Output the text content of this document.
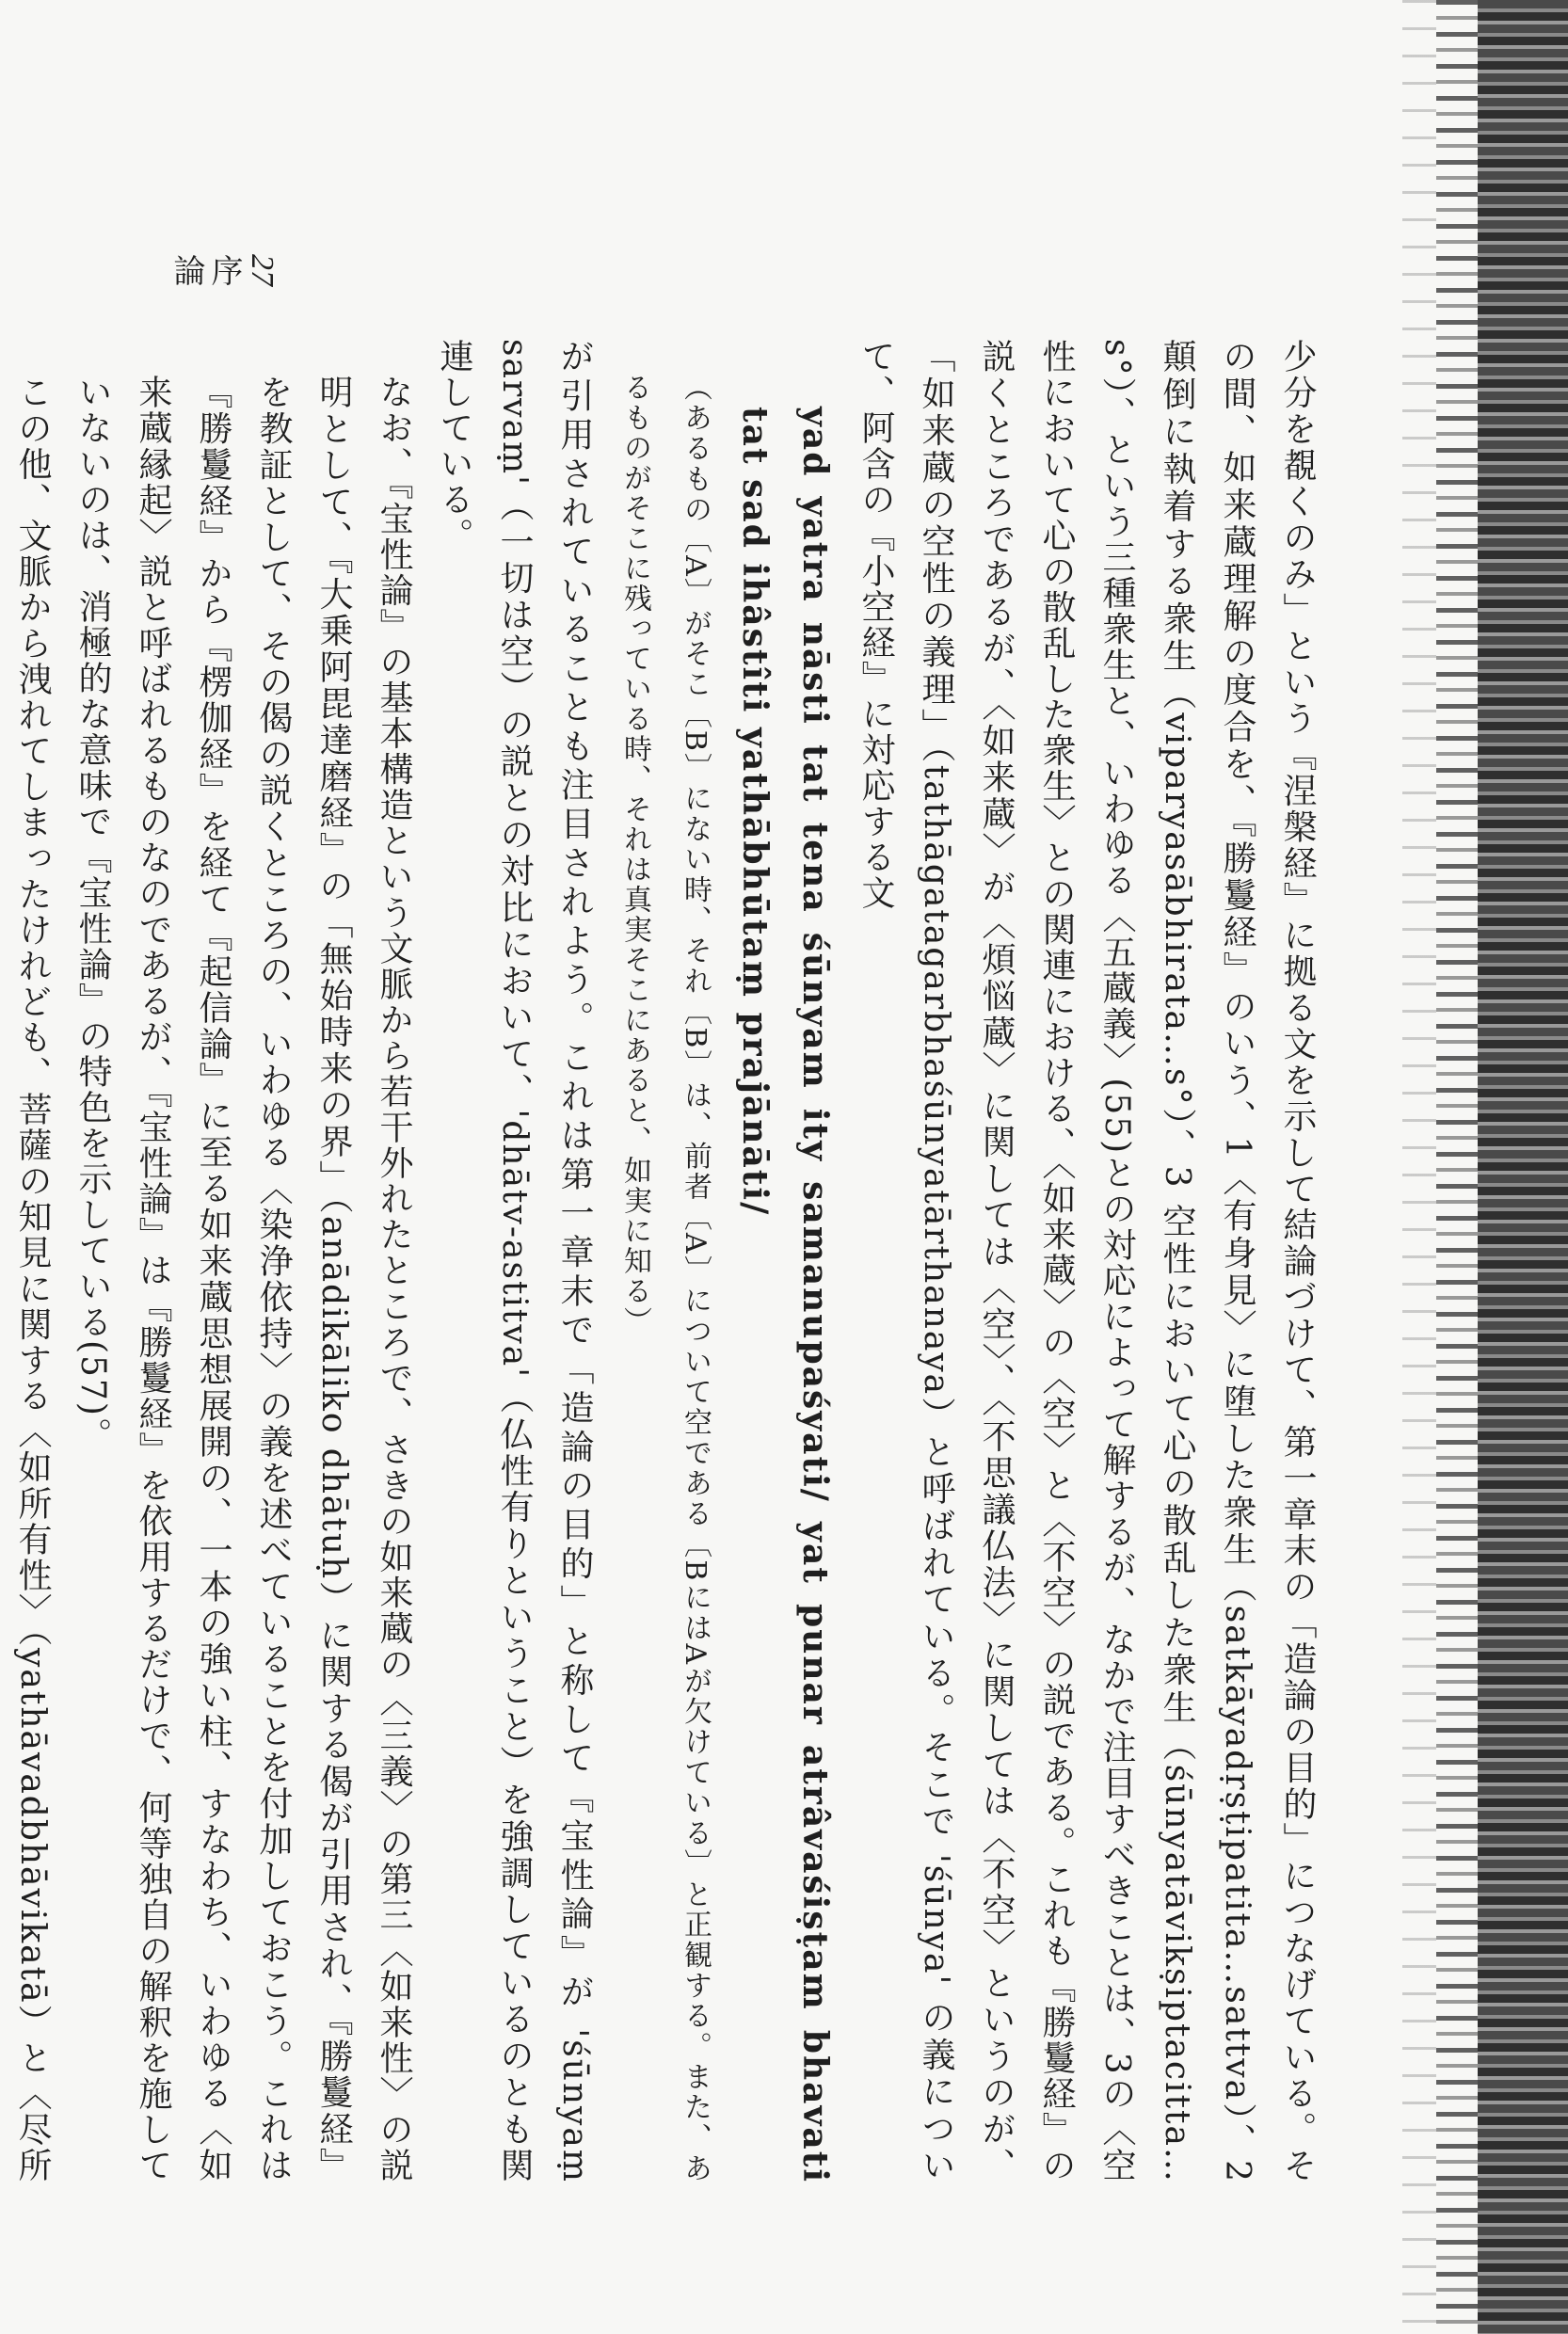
27
序
論

少分を覩くのみ」という『涅槃経』に拠る文を示して結論づけて、第一章末の「造論の目的」につなげている。その間、如来蔵理解の度合を、『勝鬘経』のいう、1〈有身見〉に堕した衆生（satkāyadṛṣṭipatita…sattva）、2 顛倒に執着する衆生（viparyasābhirata…s°）、3 空性において心の散乱した衆生（śūnyatāvikṣiptacitta…s°）、という三種衆生と、いわゆる〈五蔵義〉(55)との対応によって解するが、なかで注目すべきことは、3の〈空性において心の散乱した衆生〉との関連における、〈如来蔵〉の〈空〉と〈不空〉の説である。これも『勝鬘経』の説くところであるが、〈如来蔵〉が〈煩悩蔵〉に関しては〈空〉、〈不思議仏法〉に関しては〈不空〉というのが、「如来蔵の空性の義理」（tathāgatagarbhaśūnyatārthanaya）と呼ばれている。そこで 'śūnya' の義について、阿含の『小空経』に対応する文

yad yatra nāsti tat tena śūnyam ity samanupaśyati/ yat punar atrâvaśiṣṭam bhavati tat sad ihâstîti yathābhūtaṃ prajānāti/

（あるもの〔A〕がそこ〔B〕にない時、それ〔B〕は、前者〔A〕について空である〔BにはAが欠けている〕と正観する。また、あるものがそこに残っている時、それは真実そこにあると、如実に知る）

が引用されていることも注目されよう。これは第一章末で「造論の目的」と称して『宝性論』が 'śūnyaṃ sarvaṃ'（一切は空）の説との対比において、'dhātv-astitva'（仏性有りということ）を強調しているのとも関連している。

なお、『宝性論』の基本構造という文脈から若干外れたところで、さきの如来蔵の〈三義〉の第三〈如来性〉の説明として、『大乗阿毘達磨経』の「無始時来の界」（anādikāliko dhātuḥ）に関する偈が引用され、『勝鬘経』を教証として、その偈の説くところの、いわゆる〈染浄依持〉の義を述べていることを付加しておこう。これは『勝鬘経』から『楞伽経』を経て『起信論』に至る如来蔵思想展開の、一本の強い柱、すなわち、いわゆる〈如来蔵縁起〉説と呼ばれるものなのであるが、『宝性論』は『勝鬘経』を依用するだけで、何等独自の解釈を施していないのは、消極的な意味で『宝性論』の特色を示している(57)。

この他、文脈から洩れてしまったけれども、菩薩の知見に関する〈如所有性〉（yathāvadbhāvikatā）と〈尽所
